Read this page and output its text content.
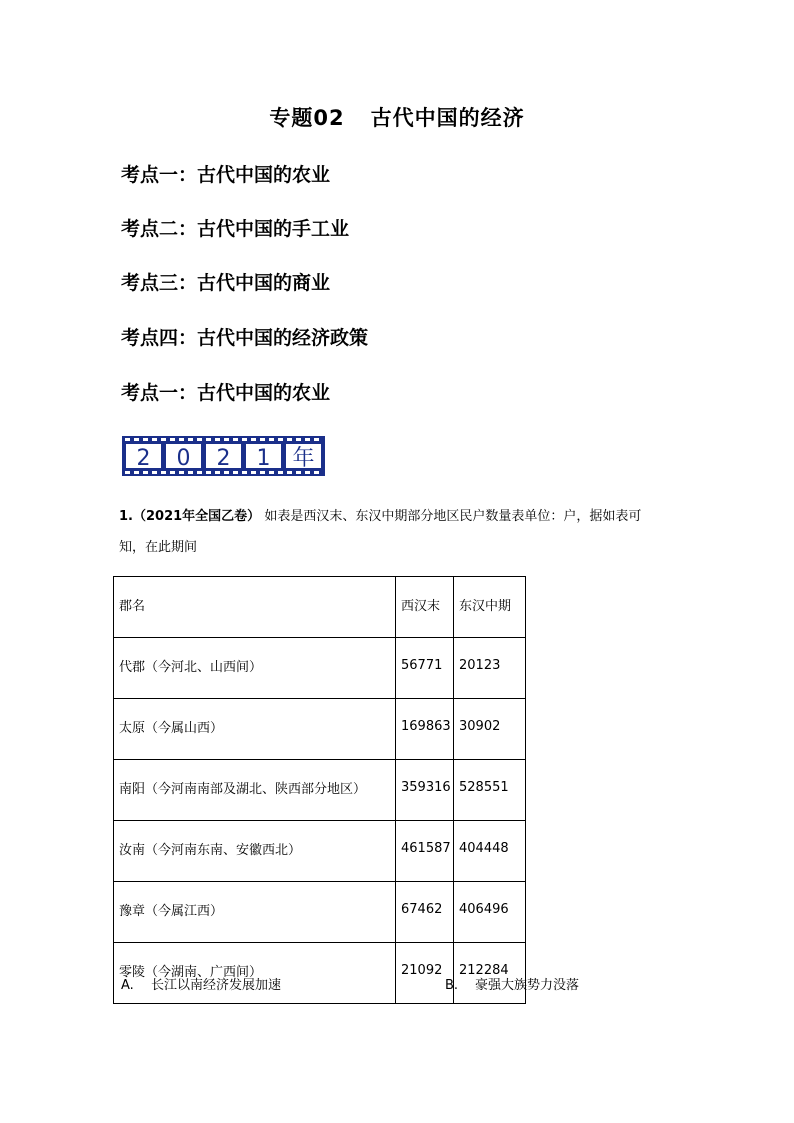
专题02 古代中国的经济
考点一：古代中国的农业
考点二：古代中国的手工业
考点三：古代中国的商业
考点四：古代中国的经济政策
考点一：古代中国的农业
2 0 2 1 年
1.（2021年全国乙卷） 如表是西汉末、东汉中期部分地区民户数量表单位：户，据如表可
知，在此期间
郡名	西汉末	东汉中期
代郡（今河北、山西间）	56771	20123
太原（今属山西）	169863	30902
南阳（今河南南部及湖北、陕西部分地区）	359316	528551
汝南（今河南东南、安徽西北）	461587	404448
豫章（今属江西）	67462	406496
零陵（今湖南、广西间）	21092	212284
A. 长江以南经济发展加速	B. 豪强大族势力没落
